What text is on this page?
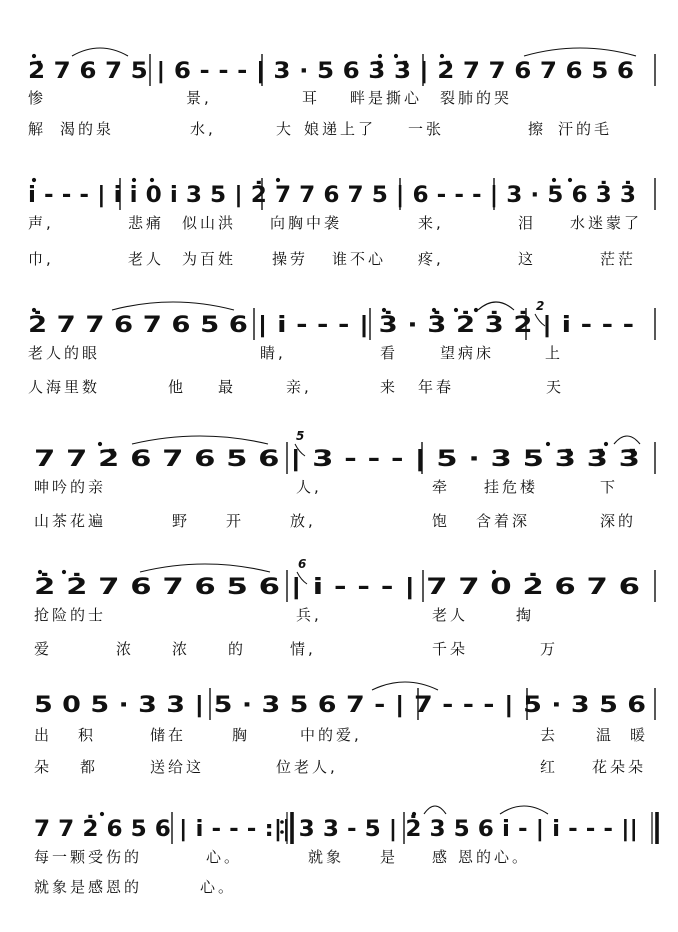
2̇ 7 6 7 5 | 6 - - - | 3 · 5 6 3̇ 3̇ | 2̇ 7 7 6 7 6 5 6
i - - - | i i 0 i 3 5 | 2̇ 7 7 6 7 5 | 6 - - - | 3 · 5 6 3̇ 3̇
2̇ 7 7 6 7 6 5 6 | i - - - | 3̇ · 3̇ 2̇ 3̇ 2̇ | i - - -
7 7 2̇ 6 7 6 5 6 | 3 - - - | 5 · 3 5 3̇ 3̇ 3̇
2̇ 2̇ 7 6 7 6 5 6 | i - - - | 7 7 0 2̇ 6 7 6
5 0 5 · 3 3 | 5 · 3 5 6 7 - | 7 - - - | 5 · 3 5 6
7 7 2̇ 6 5 6 | i - - - :|| 3 3 - 5 | 2̇ 3 5 6 i - | i - - - ||
2
5
6
惨	景,	耳 畔是撕心 裂肺的哭
解 渴的泉	水,	大 娘递上了 一张	擦 汗的毛
声,	悲痛 似山洪 向胸中袭	来,	泪 水迷蒙了
巾,	老人 为百姓 操劳 谁不心 疼,	这	茫茫
老人的眼	睛,	看	望病床	上
人海里数	他 最	亲,	来 年春	天
呻吟的亲	人,	牵 挂危楼	下
山茶花遍	野 开	放,	饱 含着深	深的
抢险的士	兵,	老人	掏
爱	浓	浓	的	情,	千朵	万
出 积	储在	胸	中的爱,	去	温 暖
朵 都	送给这	位老人,	红 花朵朵
每一颗受伤的	心。	就象 是 感 恩的心。
就象是感恩的	心。
